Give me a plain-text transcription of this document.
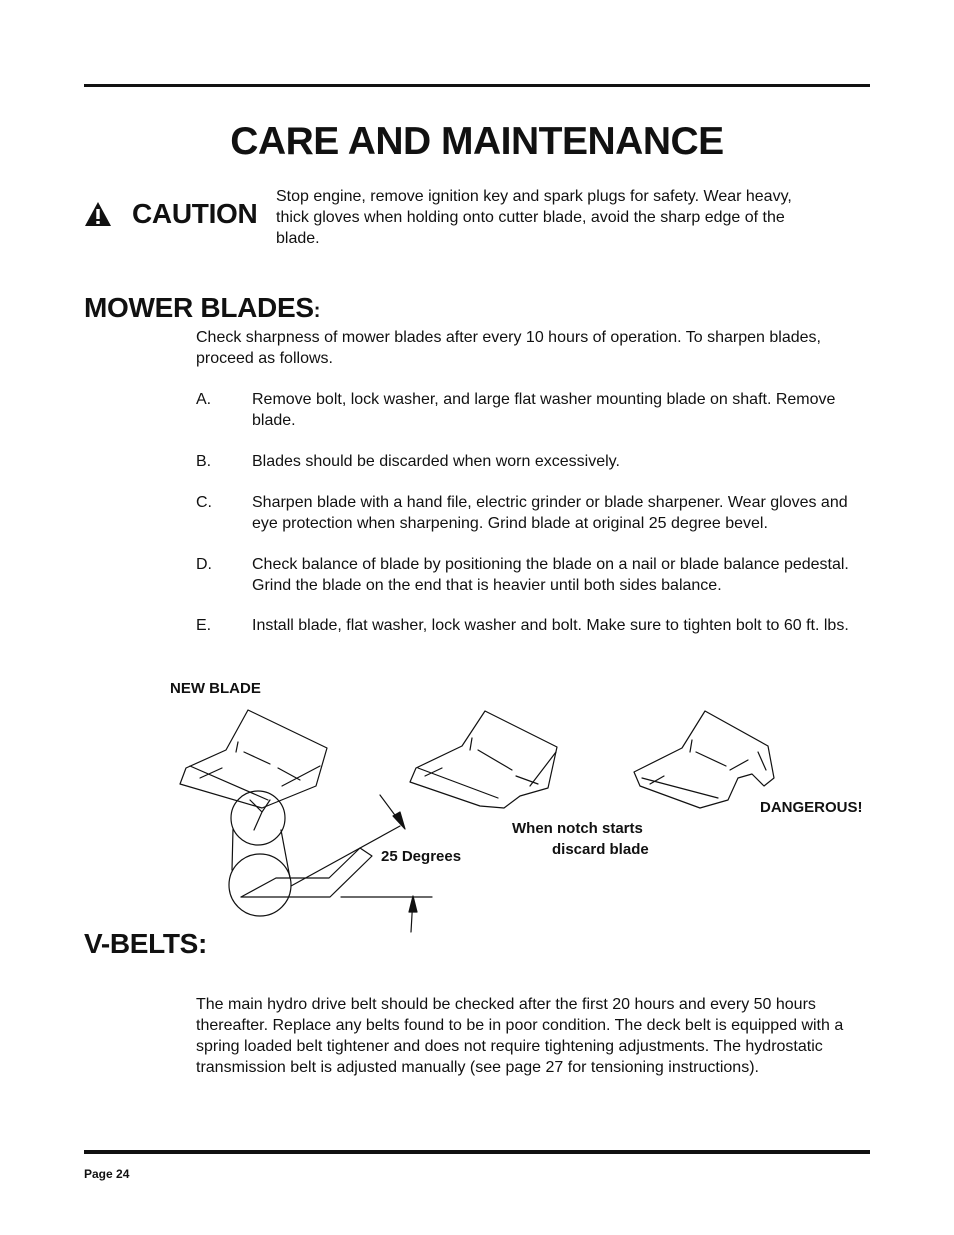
CARE AND MAINTENANCE
CAUTION
Stop engine, remove ignition key and spark plugs for safety. Wear heavy, thick gloves when holding onto cutter blade, avoid the sharp edge of the blade.
MOWER BLADES:
Check sharpness of mower blades after every 10 hours of operation. To sharpen blades, proceed as follows.
A.	Remove bolt, lock washer, and large flat washer mounting blade on shaft. Remove blade.
B.	Blades should be discarded when worn excessively.
C.	Sharpen blade with a hand file, electric grinder or blade sharpener. Wear gloves and eye protection when sharpening. Grind blade at original 25 degree bevel.
D.	Check balance of blade by positioning the blade on a nail or blade balance pedestal. Grind the blade on the end that is heavier until both sides balance.
E.	Install blade, flat washer, lock washer and bolt. Make sure to tighten bolt to 60 ft. lbs.
NEW BLADE
25 Degrees
When notch starts
discard blade
DANGEROUS!
V-BELTS:
The main hydro drive belt should be checked after the first 20 hours and every 50 hours thereafter. Replace any belts found to be in poor condition. The deck belt is equipped with a spring loaded belt tightener and does not require tightening adjustments. The hydrostatic transmission belt is adjusted manually (see page 27 for tensioning instructions).
Page 24
